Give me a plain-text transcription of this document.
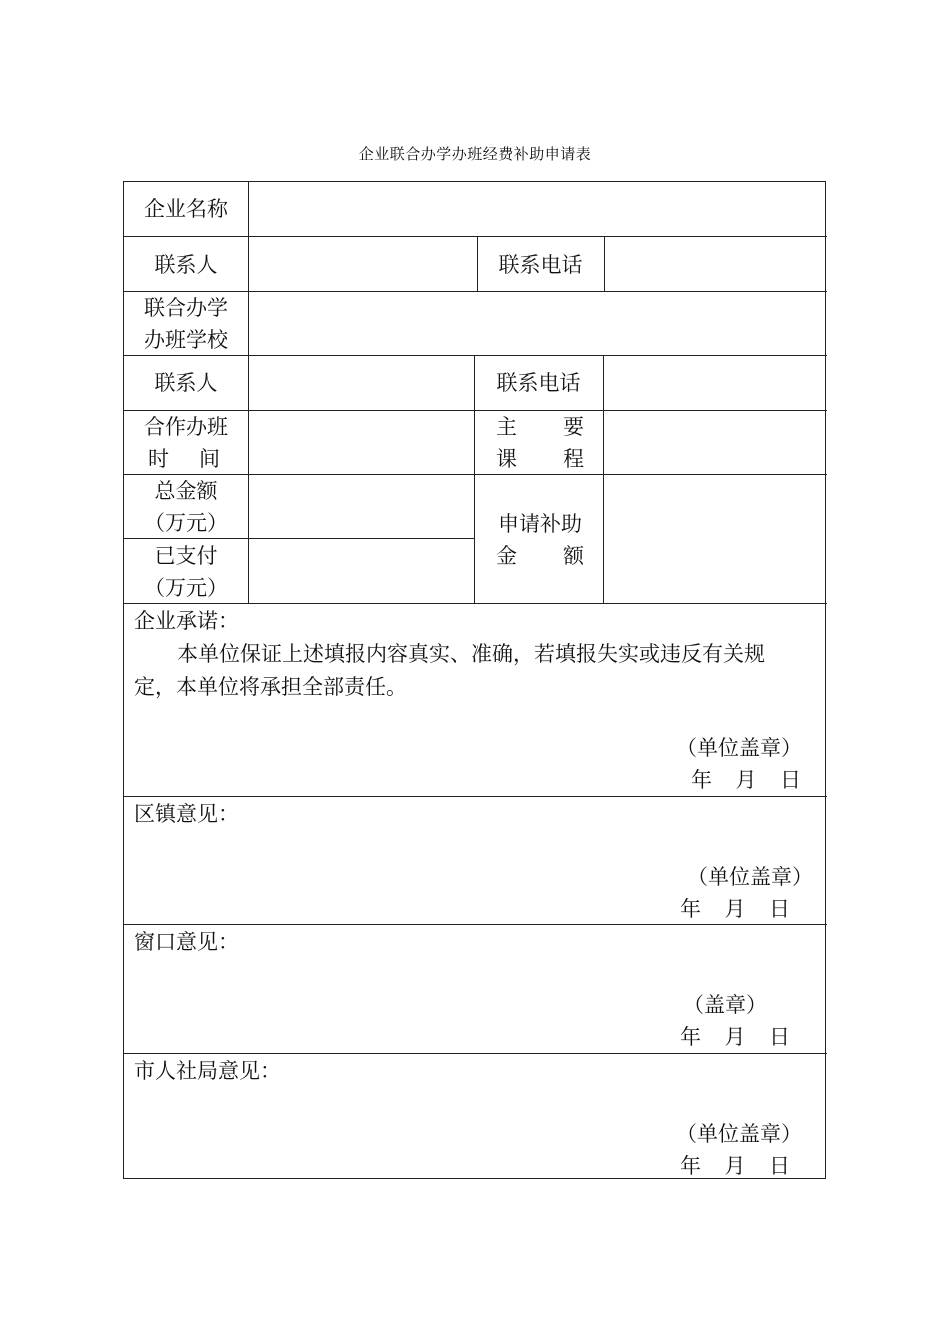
企业联合办学办班经费补助申请表
企业名称
联系人	联系电话
联合办学
办班学校
联系人	联系电话
合作办班
时 间
主 要
课 程
总金额
（万元）
已支付
（万元）
申请补助
金 额
企业承诺：
本单位保证上述填报内容真实、准确，若填报失实或违反有关规
定，本单位将承担全部责任。
（单位盖章）
年 月 日
区镇意见：
（单位盖章）
年 月 日
窗口意见：
（盖章）
年 月 日
市人社局意见：
（单位盖章）
年 月 日
